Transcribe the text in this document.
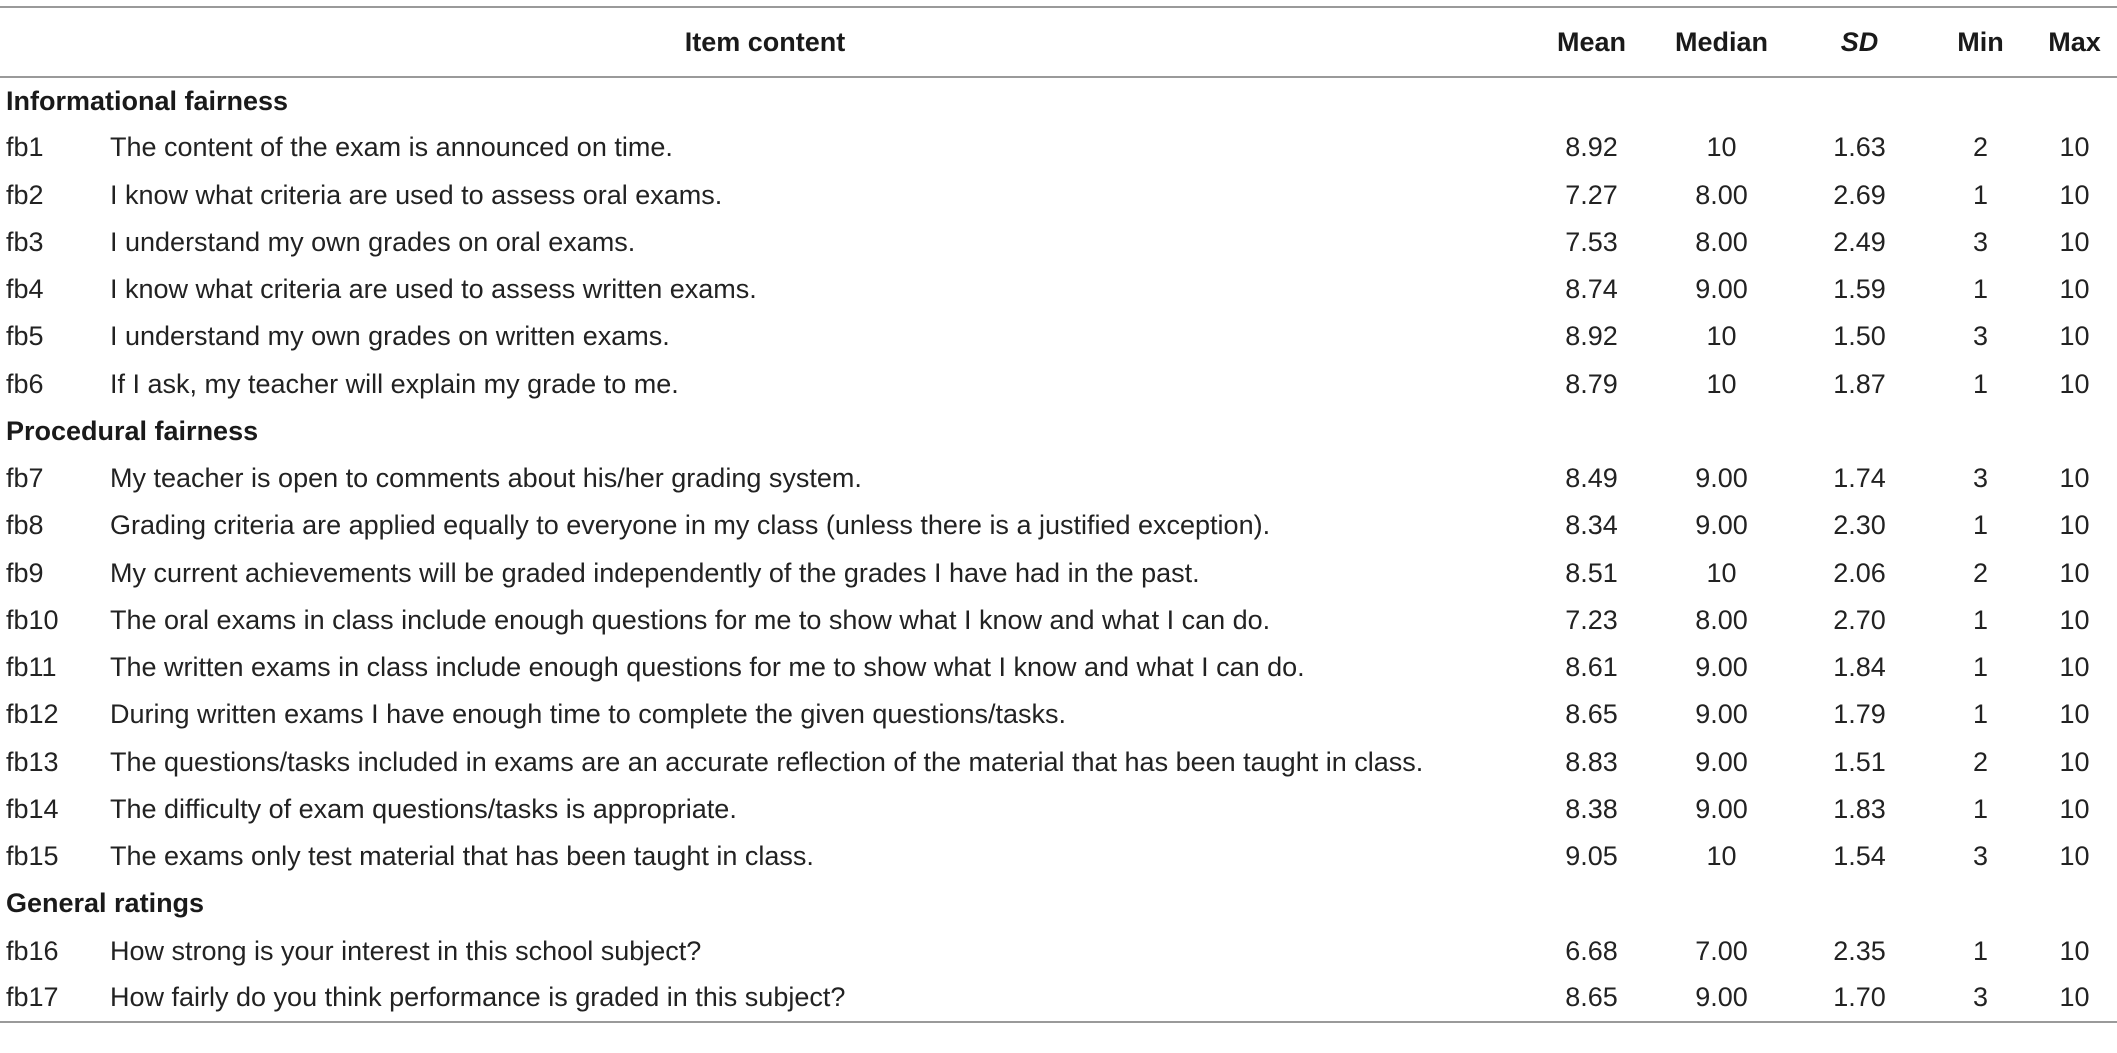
Item content		Mean	Median	SD	Min	Max
Informational fairness						
fb1	The content of the exam is announced on time.	8.92	10	1.63	2	10
fb2	I know what criteria are used to assess oral exams.	7.27	8.00	2.69	1	10
fb3	I understand my own grades on oral exams.	7.53	8.00	2.49	3	10
fb4	I know what criteria are used to assess written exams.	8.74	9.00	1.59	1	10
fb5	I understand my own grades on written exams.	8.92	10	1.50	3	10
fb6	If I ask, my teacher will explain my grade to me.	8.79	10	1.87	1	10
Procedural fairness						
fb7	My teacher is open to comments about his/her grading system.	8.49	9.00	1.74	3	10
fb8	Grading criteria are applied equally to everyone in my class (unless there is a justified exception).	8.34	9.00	2.30	1	10
fb9	My current achievements will be graded independently of the grades I have had in the past.	8.51	10	2.06	2	10
fb10	The oral exams in class include enough questions for me to show what I know and what I can do.	7.23	8.00	2.70	1	10
fb11	The written exams in class include enough questions for me to show what I know and what I can do.	8.61	9.00	1.84	1	10
fb12	During written exams I have enough time to complete the given questions/tasks.	8.65	9.00	1.79	1	10
fb13	The questions/tasks included in exams are an accurate reflection of the material that has been taught in class.	8.83	9.00	1.51	2	10
fb14	The difficulty of exam questions/tasks is appropriate.	8.38	9.00	1.83	1	10
fb15	The exams only test material that has been taught in class.	9.05	10	1.54	3	10
General ratings						
fb16	How strong is your interest in this school subject?	6.68	7.00	2.35	1	10
fb17	How fairly do you think performance is graded in this subject?	8.65	9.00	1.70	3	10
